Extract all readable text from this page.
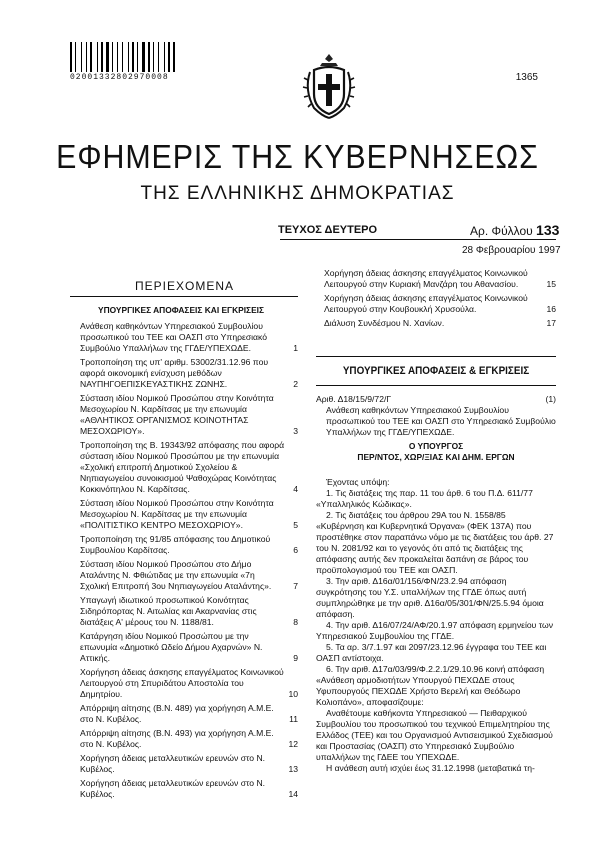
02001332802970008	1365
ΕΦΗΜΕΡΙΣ ΤΗΣ ΚΥΒΕΡΝΗΣΕΩΣ
ΤΗΣ ΕΛΛΗΝΙΚΗΣ ΔΗΜΟΚΡΑΤΙΑΣ
ΤΕΥΧΟΣ ΔΕΥΤΕΡΟ	Αρ. Φύλλου 133
28 Φεβρουαρίου 1997
ΠΕΡΙΕΧΟΜΕΝΑ
ΥΠΟΥΡΓΙΚΕΣ ΑΠΟΦΑΣΕΙΣ ΚΑΙ ΕΓΚΡΙΣΕΙΣ
Ανάθεση καθηκόντων Υπηρεσιακού Συμβουλίου προσωπικού του ΤΕΕ και ΟΑΣΠ στο Υπηρεσιακό Συμβούλιο Υπαλλήλων της ΓΓΔΕ/ΥΠΕΧΩΔΕ.	1
Τροποποίηση της υπ' αριθμ. 53002/31.12.96 που αφορά οικονομική ενίσχυση μεθόδων ΝΑΥΠΗΓΟΕΠΙΣΚΕΥΑΣΤΙΚΗΣ ΖΩΝΗΣ.	2
Σύσταση ιδίου Νομικού Προσώπου στην Κοινότητα Μεσοχωρίου Ν. Καρδίτσας με την επωνυμία «ΑΘΛΗΤΙΚΟΣ ΟΡΓΑΝΙΣΜΟΣ ΚΟΙΝΟΤΗΤΑΣ ΜΕΣΟΧΩΡΙΟΥ».	3
Τροποποίηση της Β. 19343/92 απόφασης που αφορά σύσταση ιδίου Νομικού Προσώπου με την επωνυμία «Σχολική επιτροπή Δημοτικού Σχολείου & Νηπιαγωγείου συνοικισμού Ψαθοχώρας Κοινότητας Κοκκινόπηλου Ν. Καρδίτσας.	4
Σύσταση ιδίου Νομικού Προσώπου στην Κοινότητα Μεσοχωρίου Ν. Καρδίτσας με την επωνυμία «ΠΟΛΙΤΙΣΤΙΚΟ ΚΕΝΤΡΟ ΜΕΣΟΧΩΡΙΟΥ».	5
Τροποποίηση της 91/85 απόφασης του Δημοτικού Συμβουλίου Καρδίτσας.	6
Σύσταση ιδίου Νομικού Προσώπου στο Δήμο Αταλάντης Ν. Φθιώτιδας με την επωνυμία «7η Σχολική Επιτροπή 3ου Νηπιαγωγείου Αταλάντης».	7
Υπαγωγή ιδιωτικού προσωπικού Κοινότητας Σιδηρόπορτας Ν. Αιτωλίας και Ακαρνανίας στις διατάξεις Α' μέρους του Ν. 1188/81.	8
Κατάργηση ιδίου Νομικού Προσώπου με την επωνυμία «Δημοτικό Ωδείο Δήμου Αχαρνών» Ν. Αττικής.	9
Χορήγηση άδειας άσκησης επαγγέλματος Κοινωνικού Λειτουργού στη Σπυριδάτου Αποστολία του Δημητρίου.	10
Απόρριψη αίτησης (Β.Ν. 489) για χορήγηση Α.Μ.Ε. στο Ν. Κυβέλος.	11
Απόρριψη αίτησης (Β.Ν. 493) για χορήγηση Α.Μ.Ε. στο Ν. Κυβέλος.	12
Χορήγηση άδειας μεταλλευτικών ερευνών στο Ν. Κυβέλος.	13
Χορήγηση άδειας μεταλλευτικών ερευνών στο Ν. Κυβέλος.	14
Χορήγηση άδειας άσκησης επαγγέλματος Κοινωνικού Λειτουργού στην Κυριακή Μανζάρη του Αθανασίου.	15
Χορήγηση άδειας άσκησης επαγγέλματος Κοινωνικού Λειτουργού στην Κουβουκλή Χρυσούλα.	16
Διάλυση Συνδέσμου Ν. Χανίων.	17
ΥΠΟΥΡΓΙΚΕΣ ΑΠΟΦΑΣΕΙΣ & ΕΓΚΡΙΣΕΙΣ
Αριθ. Δ18/15/9/72/Γ	(1)
Ανάθεση καθηκόντων Υπηρεσιακού Συμβουλίου προσωπικού του ΤΕΕ και ΟΑΣΠ στο Υπηρεσιακό Συμβούλιο Υπαλλήλων της ΓΓΔΕ/ΥΠΕΧΩΔΕ.
Ο ΥΠΟΥΡΓΟΣ
ΠΕΡ/ΝΤΟΣ, ΧΩΡ/ΞΙΑΣ ΚΑΙ ΔΗΜ. ΕΡΓΩΝ

Έχοντας υπόψη:

1. Τις διατάξεις της παρ. 11 του άρθ. 6 του Π.Δ. 611/77 «Υπαλληλικός Κώδικας».

2. Τις διατάξεις του άρθρου 29Α του Ν. 1558/85 «Κυβέρνηση και Κυβερνητικά Όργανα» (ΦΕΚ 137Α) που προστέθηκε στον παραπάνω νόμο με τις διατάξεις του άρθ. 27 του Ν. 2081/92 και το γεγονός ότι από τις διατάξεις της απόφασης αυτής δεν προκαλείται δαπάνη σε βάρος του προϋπολογισμού του ΤΕΕ και ΟΑΣΠ.

3. Την αριθ. Δ16α/01/156/ΦΝ/23.2.94 απόφαση συγκρότησης του Υ.Σ. υπαλλήλων της ΓΓΔΕ όπως αυτή συμπληρώθηκε με την αριθ. Δ16α/05/301/ΦΝ/25.5.94 όμοια απόφαση.

4. Την αριθ. Δ16/07/24/ΑΦ/20.1.97 απόφαση ερμηνείου των Υπηρεσιακού Συμβουλίου της ΓΓΔΕ.

5. Τα αρ. 3/7.1.97 και 2097/23.12.96 έγγραφα του ΤΕΕ και ΟΑΣΠ αντίστοιχα.

6. Την αριθ. Δ17α/03/99/Φ.2.2.1/29.10.96 κοινή απόφαση «Ανάθεση αρμοδιοτήτων Υπουργού ΠΕΧΩΔΕ στους Υφυπουργούς ΠΕΧΩΔΕ Χρήστο Βερελή και Θεόδωρο Κολιοπάνο», αποφασίζουμε:

Αναθέτουμε καθήκοντα Υπηρεσιακού — Πειθαρχικού Συμβουλίου του προσωπικού του τεχνικού Επιμελητηρίου της Ελλάδος (ΤΕΕ) και του Οργανισμού Αντισεισμικού Σχεδιασμού και Προστασίας (ΟΑΣΠ) στο Υπηρεσιακό Συμβούλιο υπαλλήλων της ΓΔΕΕ του ΥΠΕΧΩΔΕ.

Η ανάθεση αυτή ισχύει έως 31.12.1998 (μεταβατικά τη-
